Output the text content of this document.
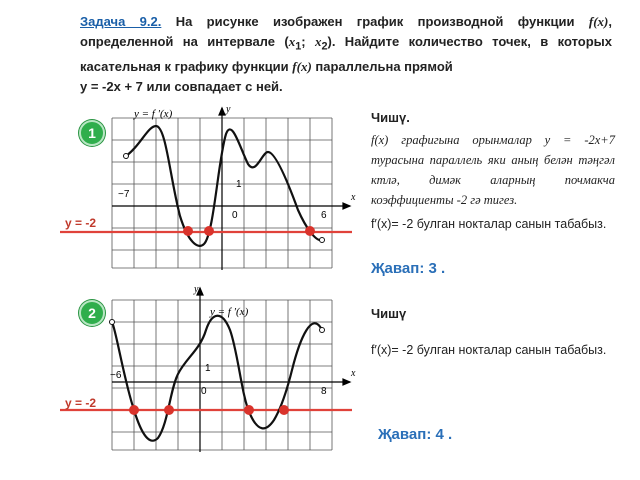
Задача 9.2. На рисунке изображен график производной функции f(x), определенной на интервале ($x_1$; $x_2$). Найдите количество точек, в которых касательная к графику функции f(x) параллельна прямой
y = -2x + 7 или совпадает с ней.
1
y
x
−7
0	6
1
y = f ′(x)
y = -2
Чишү.
f(x) графигына орынмалар y = -2x+7 турасына параллель яки аның белән тәңгәл ктлә, димәк аларның почмакча коэффициенты -2 гә тигез.
f′(x)= -2 булган нокталар санын табабыз.
Җавап: 3 .
2
y
x
−6
0	8
1
y = f ′(x)
y = -2
Чишү
f′(x)= -2 булган нокталар санын табабыз.
Җавап: 4 .
